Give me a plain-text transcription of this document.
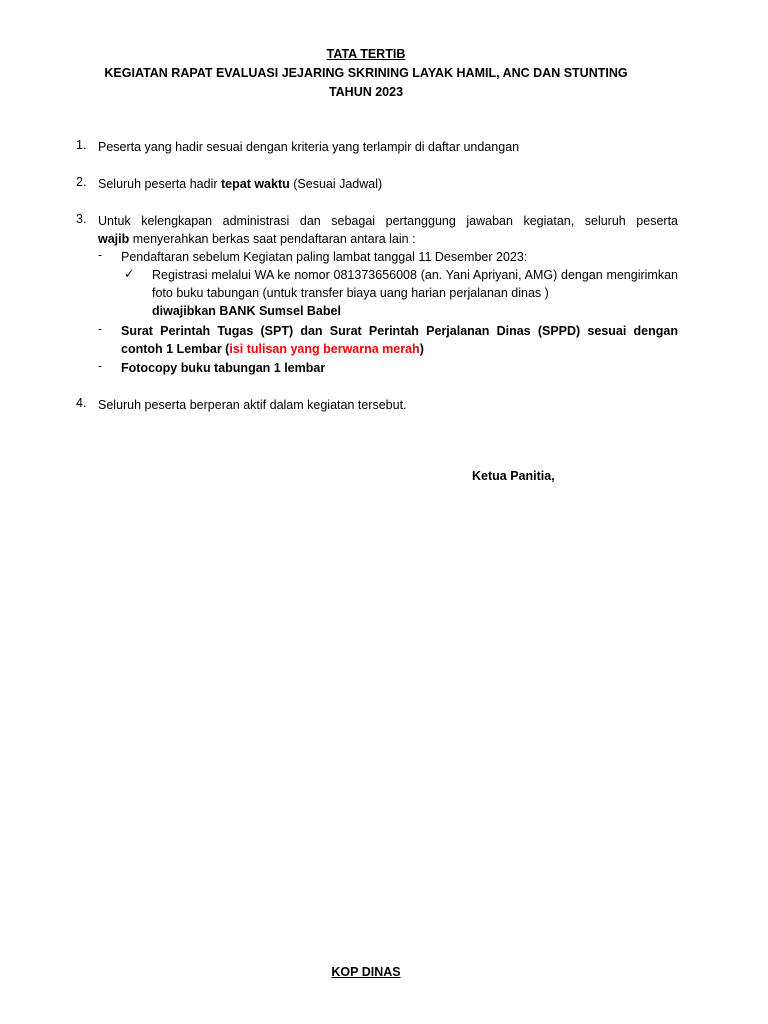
TATA TERTIB
KEGIATAN RAPAT EVALUASI JEJARING SKRINING LAYAK HAMIL, ANC DAN STUNTING
TAHUN 2023
1. Peserta yang hadir sesuai dengan kriteria yang terlampir di daftar undangan
2. Seluruh peserta hadir tepat waktu (Sesuai Jadwal)
3. Untuk kelengkapan administrasi dan sebagai pertanggung jawaban kegiatan, seluruh peserta
wajib menyerahkan berkas saat pendaftaran antara lain :
- Pendaftaran sebelum Kegiatan paling lambat tanggal 11 Desember 2023:
✓ Registrasi melalui WA ke nomor 081373656008 (an. Yani Apriyani, AMG) dengan mengirimkan foto buku tabungan (untuk transfer biaya uang harian perjalanan dinas )
diwajibkan BANK Sumsel Babel
- Surat Perintah Tugas (SPT) dan Surat Perintah Perjalanan Dinas (SPPD) sesuai dengan contoh 1 Lembar (isi tulisan yang berwarna merah)
- Fotocopy buku tabungan 1 lembar
4. Seluruh peserta berperan aktif dalam kegiatan tersebut.
Ketua Panitia,
KOP DINAS
